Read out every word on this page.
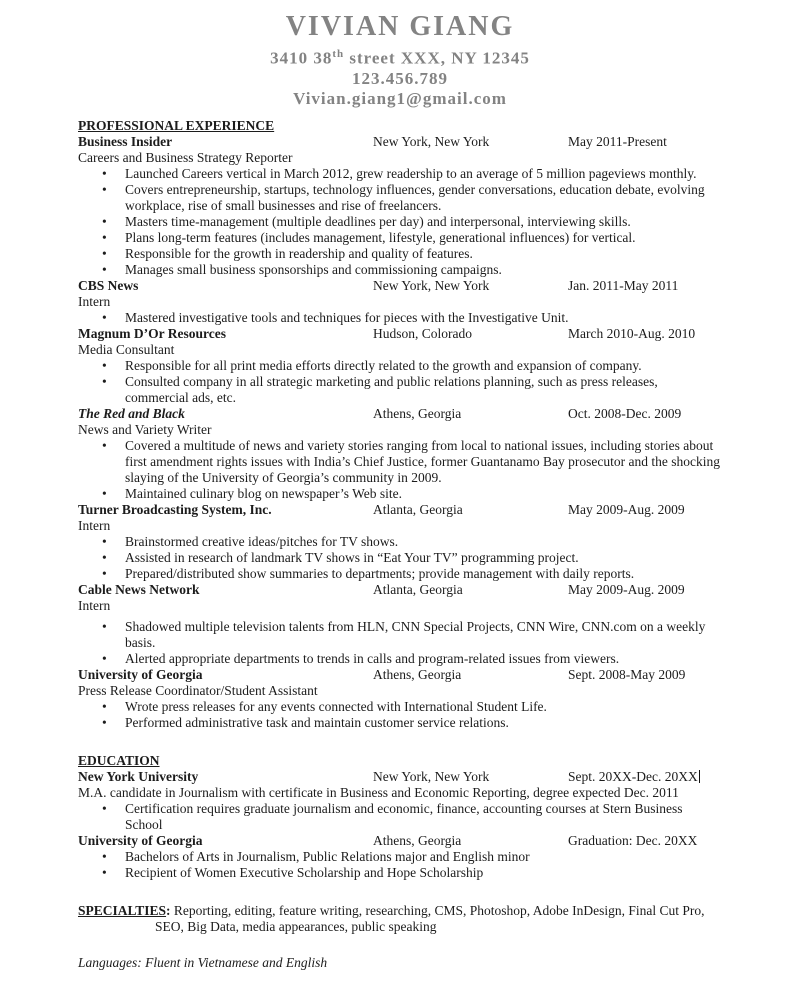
VIVIAN GIANG
3410 38th street XXX, NY 12345
123.456.789
Vivian.giang1@gmail.com
PROFESSIONAL EXPERIENCE
Business Insider	New York, New York	May 2011-Present
Careers and Business Strategy Reporter
• Launched Careers vertical in March 2012, grew readership to an average of 5 million pageviews monthly.
• Covers entrepreneurship, startups, technology influences, gender conversations, education debate, evolving workplace, rise of small businesses and rise of freelancers.
• Masters time-management (multiple deadlines per day) and interpersonal, interviewing skills.
• Plans long-term features (includes management, lifestyle, generational influences) for vertical.
• Responsible for the growth in readership and quality of features.
• Manages small business sponsorships and commissioning campaigns.
CBS News	New York, New York	Jan. 2011-May 2011
Intern
• Mastered investigative tools and techniques for pieces with the Investigative Unit.
Magnum D’Or Resources	Hudson, Colorado	March 2010-Aug. 2010
Media Consultant
• Responsible for all print media efforts directly related to the growth and expansion of company.
• Consulted company in all strategic marketing and public relations planning, such as press releases, commercial ads, etc.
The Red and Black	Athens, Georgia	Oct. 2008-Dec. 2009
News and Variety Writer
• Covered a multitude of news and variety stories ranging from local to national issues, including stories about first amendment rights issues with India’s Chief Justice, former Guantanamo Bay prosecutor and the shocking slaying of the University of Georgia’s community in 2009.
• Maintained culinary blog on newspaper’s Web site.
Turner Broadcasting System, Inc.	Atlanta, Georgia	May 2009-Aug. 2009
Intern
• Brainstormed creative ideas/pitches for TV shows.
• Assisted in research of landmark TV shows in “Eat Your TV” programming project.
• Prepared/distributed show summaries to departments; provide management with daily reports.
Cable News Network	Atlanta, Georgia	May 2009-Aug. 2009
Intern
• Shadowed multiple television talents from HLN, CNN Special Projects, CNN Wire, CNN.com on a weekly basis.
• Alerted appropriate departments to trends in calls and program-related issues from viewers.
University of Georgia	Athens, Georgia	Sept. 2008-May 2009
Press Release Coordinator/Student Assistant
• Wrote press releases for any events connected with International Student Life.
• Performed administrative task and maintain customer service relations.
EDUCATION
New York University	New York, New York	Sept. 20XX-Dec. 20XX
M.A. candidate in Journalism with certificate in Business and Economic Reporting, degree expected Dec. 2011
• Certification requires graduate journalism and economic, finance, accounting courses at Stern Business School
University of Georgia	Athens, Georgia	Graduation: Dec. 20XX
• Bachelors of Arts in Journalism, Public Relations major and English minor
• Recipient of Women Executive Scholarship and Hope Scholarship

SPECIALTIES: Reporting, editing, feature writing, researching, CMS, Photoshop, Adobe InDesign, Final Cut Pro, SEO, Big Data, media appearances, public speaking

Languages: Fluent in Vietnamese and English
